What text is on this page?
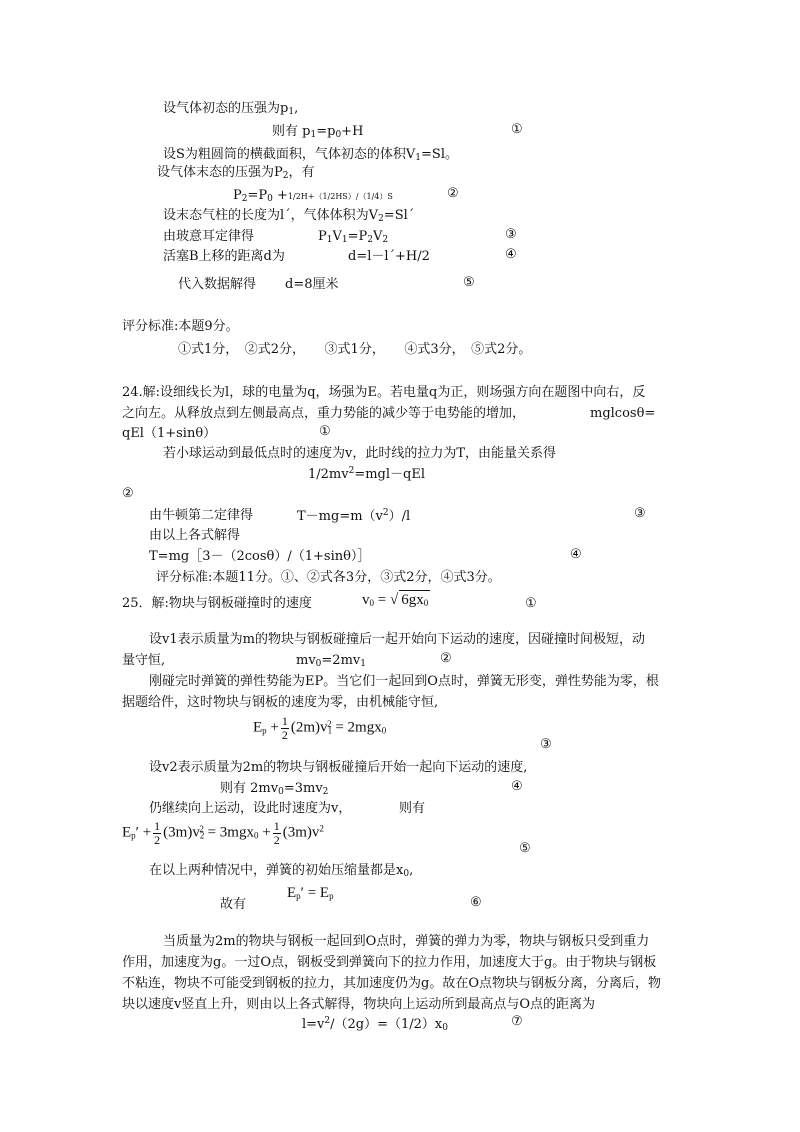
设气体初态的压强为$p_1$,
则有 $p_1=p_0+H$	①
设S为粗圆筒的横截面积，气体初态的体积$V_1=Sl$。
设气体末态的压强为$P_2$，有
$P_2=P_0 +1/2H+(1/2HS)/(1/4)S$	②
设末态气柱的长度为lˊ，气体体积为$V_2=Slˊ$
由玻意耳定律得	$P_1V_1=P_2V_2$	③
活塞B上移的距离d为	d=l－lˊ+H/2	④
代入数据解得 d=8厘米	⑤
评分标准:本题9分。
①式1分，　②式2分，　　③式1分，　　④式3分，　⑤式2分。
24.解:设细线长为l，球的电量为q，场强为E。若电量q为正，则场强方向在题图中向右，反
之向左。从释放点到左侧最高点，重力势能的减少等于电势能的增加，	mglcosθ=
qEl（1+sinθ）	①
若小球运动到最低点时的速度为v，此时线的拉力为T，由能量关系得
$1/2mv^2=mgl-qEl$
②
由牛顿第二定律得	$T-mg=m(v^2)/l$	③
由以上各式解得
T=mg［3－（2cosθ）/（1+sinθ）］	④
评分标准:本题11分。①、②式各3分，③式2分，④式3分。
25．解:物块与钢板碰撞时的速度	$v_0$ = √ $6gx_0$	①
设v1表示质量为m的物块与钢板碰撞后一起开始向下运动的速度，因碰撞时间极短，动
量守恒,	$mv_0=2mv_1$	②
刚碰完时弹簧的弹性势能为EP。当它们一起回到O点时，弹簧无形变，弹性势能为零，根
据题给件，这时物块与钢板的速度为零，由机械能守恒,
$E_p + \frac{1}{2} (2m)v_1^2 = 2mgx_0$
③
设v2表示质量为2m的物块与钢板碰撞后开始一起向下运动的速度,
则有 $2mv_0=3mv_2$	④
仍继续向上运动，设此时速度为v，	则有
$E_p' + \frac{1}{2} (3m)v_2^2 = 3mgx_0 + \frac{1}{2} (3m)v^2$
⑤
在以上两种情况中，弹簧的初始压缩量都是$x_0$,
故有
$E_p' = E_p$	⑥
当质量为2m的物块与钢板一起回到O点时，弹簧的弹力为零，物块与钢板只受到重力
作用，加速度为g。一过O点，钢板受到弹簧向下的拉力作用，加速度大于g。由于物块与钢板
不粘连，物块不可能受到钢板的拉力，其加速度仍为g。故在O点物块与钢板分离，分离后，物
块以速度v竖直上升，则由以上各式解得，物块向上运动所到最高点与O点的距离为
$l=v^2/(2g)=(1/2)x_0$	⑦
